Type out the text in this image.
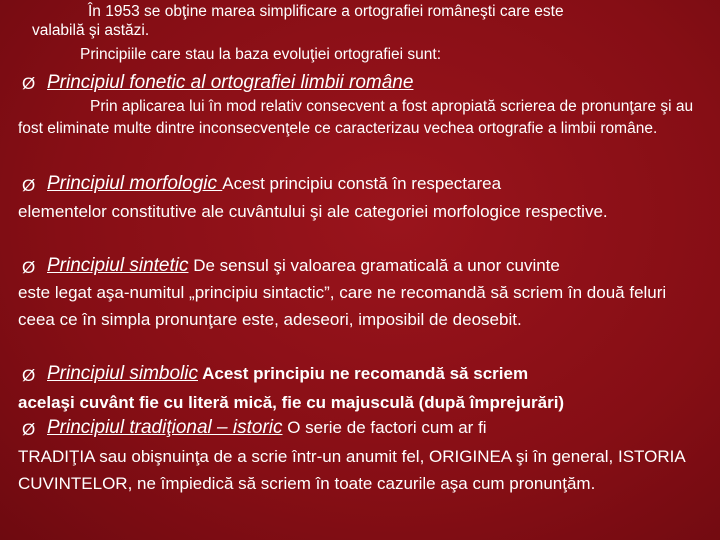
În 1953 se obţine marea simplificare a ortografiei româneşti care este
valabilă şi astăzi.
Principiile care stau la baza evoluţiei ortografiei sunt:
Ø Principiul fonetic al ortografiei limbii române
Prin aplicarea lui în mod relativ consecvent a fost apropiată scrierea de pronunţare şi au fost eliminate multe dintre inconsecvenţele ce caracterizau vechea ortografie a limbii române.
Ø Principiul morfologic Acest principiu constă în respectarea
elementelor constitutive ale cuvântului şi ale categoriei morfologice respective.
Ø Principiul sintetic De sensul şi valoarea gramaticală a unor cuvinte
este legat aşa-numitul „principiu sintactic”, care ne recomandă să scriem în două feluri ceea ce în simpla pronunţare este, adeseori, imposibil de deosebit.
Ø Principiul simbolic Acest principiu ne recomandă să scriem
acelaşi cuvânt fie cu literă mică, fie cu majusculă (după împrejurări)
Ø Principiul tradiţional – istoric O serie de factori cum ar fi
TRADIŢIA sau obişnuinţa de a scrie într-un anumit fel, ORIGINEA şi în general, ISTORIA CUVINTELOR, ne împiedică să scriem în toate cazurile aşa cum pronunţăm.
